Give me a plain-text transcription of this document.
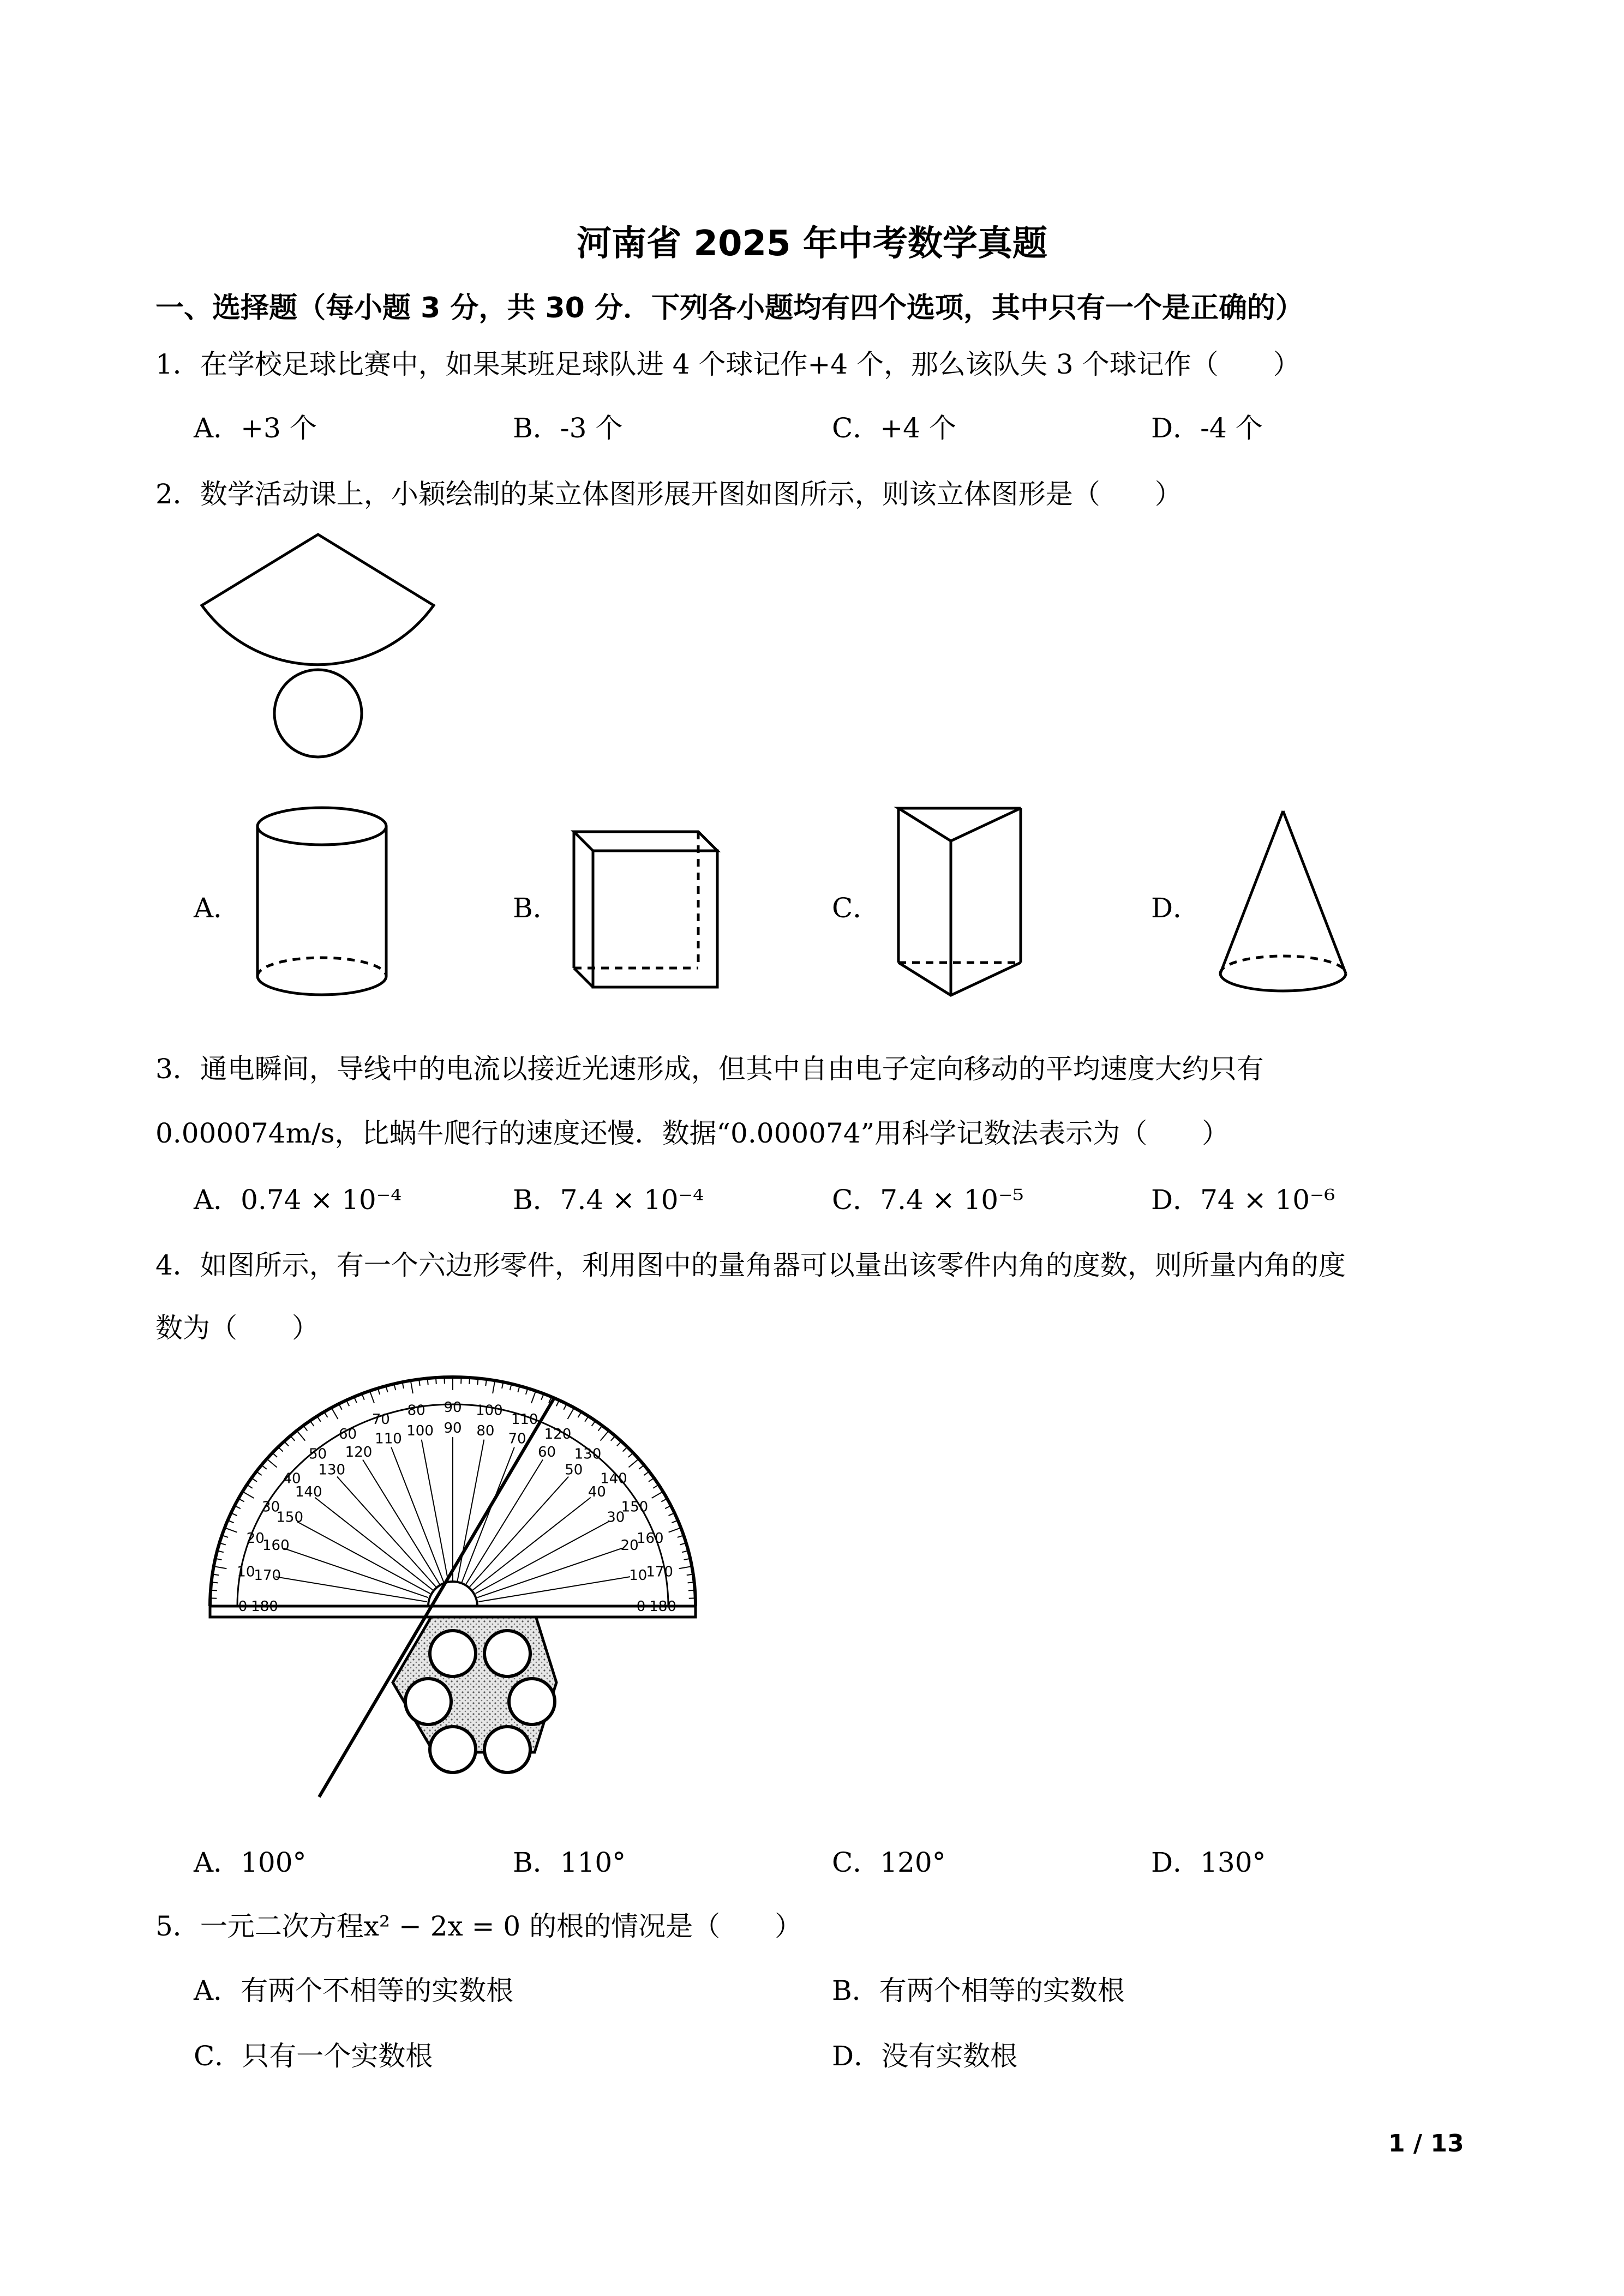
河南省 2025 年中考数学真题
一、选择题（每小题 3 分，共 30 分．下列各小题均有四个选项，其中只有一个是正确的）
1．在学校足球比赛中，如果某班足球队进 4 个球记作+4 个，那么该队失 3 个球记作（　　）
A．+3 个	B．-3 个	C．+4 个	D．-4 个
2．数学活动课上，小颖绘制的某立体图形展开图如图所示，则该立体图形是（　　）
A．	B．	C．	D．
3．通电瞬间，导线中的电流以接近光速形成，但其中自由电子定向移动的平均速度大约只有
0.000074m/s，比蜗牛爬行的速度还慢．数据“0.000074”用科学记数法表示为（　　）
A．0.74 × 10⁻⁴	B．7.4 × 10⁻⁴	C．7.4 × 10⁻⁵	D．74 × 10⁻⁶
4．如图所示，有一个六边形零件，利用图中的量角器可以量出该零件内角的度数，则所量内角的度
数为（　　）
0 180
10
170
20
160
30
150
40
140
50
130
60
120
70
110
80
100
90
90
100
80
110
70 120
60 130
50
140
40
150
30
160
20
170
10
180
0
A．100°	B．110°	C．120°	D．130°
5．一元二次方程x² − 2x = 0 的根的情况是（　　）
A．有两个不相等的实数根	B．有两个相等的实数根
C．只有一个实数根	D．没有实数根
1 / 13
